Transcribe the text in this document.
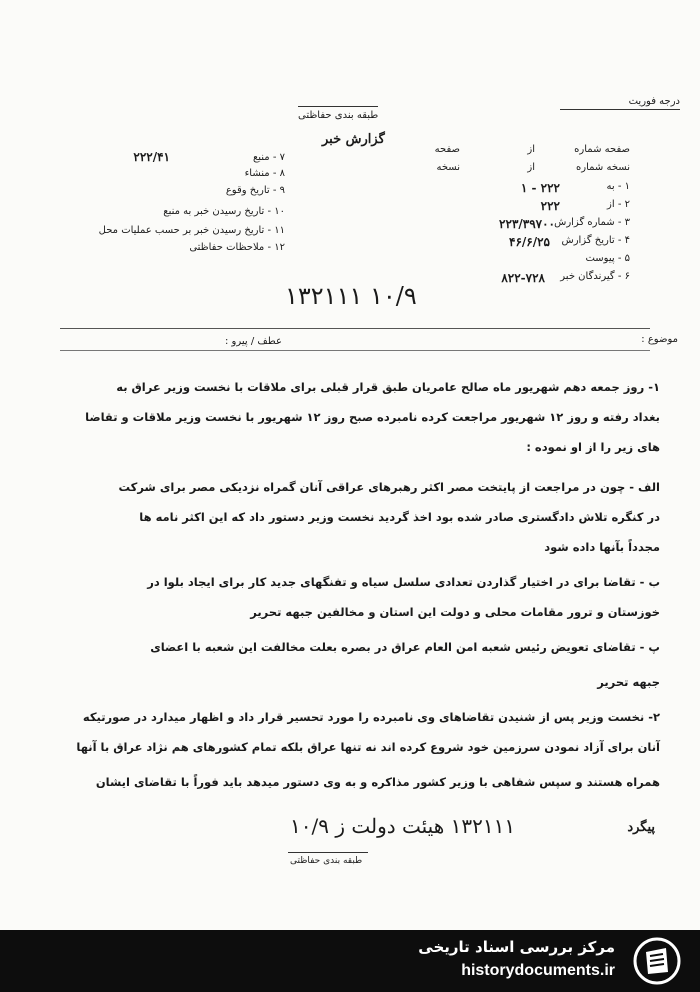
درجه فوریت
طبقه بندی حفاظتی
گزارش خبر
صفحه شماره
از
صفحه
نسخه شماره
از
نسخه
۱ - به
۲۲۲ - ۱
۲ - از
۲۲۲
۳ - شماره گزارش
۲۲۳/۳۹۷۰۰
۴ - تاریخ گزارش
۴۶/۶/۲۵
۵ - پیوست
۶ - گیرندگان خبر
۸۲۲-۷۲۸
۷ - منبع
۲۲۲/۴۱
۸ - منشاء
۹ - تاریخ وقوع
۱۰ - تاریخ رسیدن خبر به منبع
۱۱ - تاریخ رسیدن خبر بر حسب عملیات محل
۱۲ - ملاحظات حفاظتی
۱۳۲۱۱۱ ۱۰/۹
موضوع :
عطف / پیرو :
۱- روز جمعه دهم شهریور ماه صالح عامریان طبق قرار قبلی برای ملاقات با نخست وزیر عراق به
بغداد رفته و روز ۱۲ شهریور مراجعت کرده نامبرده صبح روز ۱۲ شهریور با نخست وزیر ملاقات و تقاضا
های زیر را از او نموده :
الف - چون در مراجعت از پایتخت مصر اکثر رهبرهای عراقی آنان گمراه نزدیکی مصر برای شرکت
در کنگره تلاش دادگستری صادر شده بود اخذ گردید نخست وزیر دستور داد که این اکثر نامه ها
مجدداً بآنها داده شود
ب - تقاضا برای در اختیار گذاردن تعدادی سلسل سیاه و تفنگهای جدید کار برای ایجاد بلوا در
خوزستان و ترور مقامات محلی و دولت این استان و مخالفین جبهه تحریر
پ - تقاضای تعویض رئیس شعبه امن العام عراق در بصره بعلت مخالفت این شعبه با اعضای
جبهه تحریر
۲- نخست وزیر پس از شنیدن تقاضاهای وی نامبرده را مورد تحسیر قرار داد و اظهار میدارد در صورتیکه
آنان برای آزاد نمودن سرزمین خود شروع کرده اند نه تنها عراق بلکه تمام کشورهای هم نژاد عراق با آنها
همراه هستند و سپس شفاهی با وزیر کشور مذاکره و به وی دستور میدهد باید فوراً با تقاضای ایشان
پیگرد
۱۳۲۱۱۱ هیئت دولت ز ۱۰/۹
طبقه بندی حفاظتی
مرکز بررسی اسناد تاریخی
historydocuments.ir
